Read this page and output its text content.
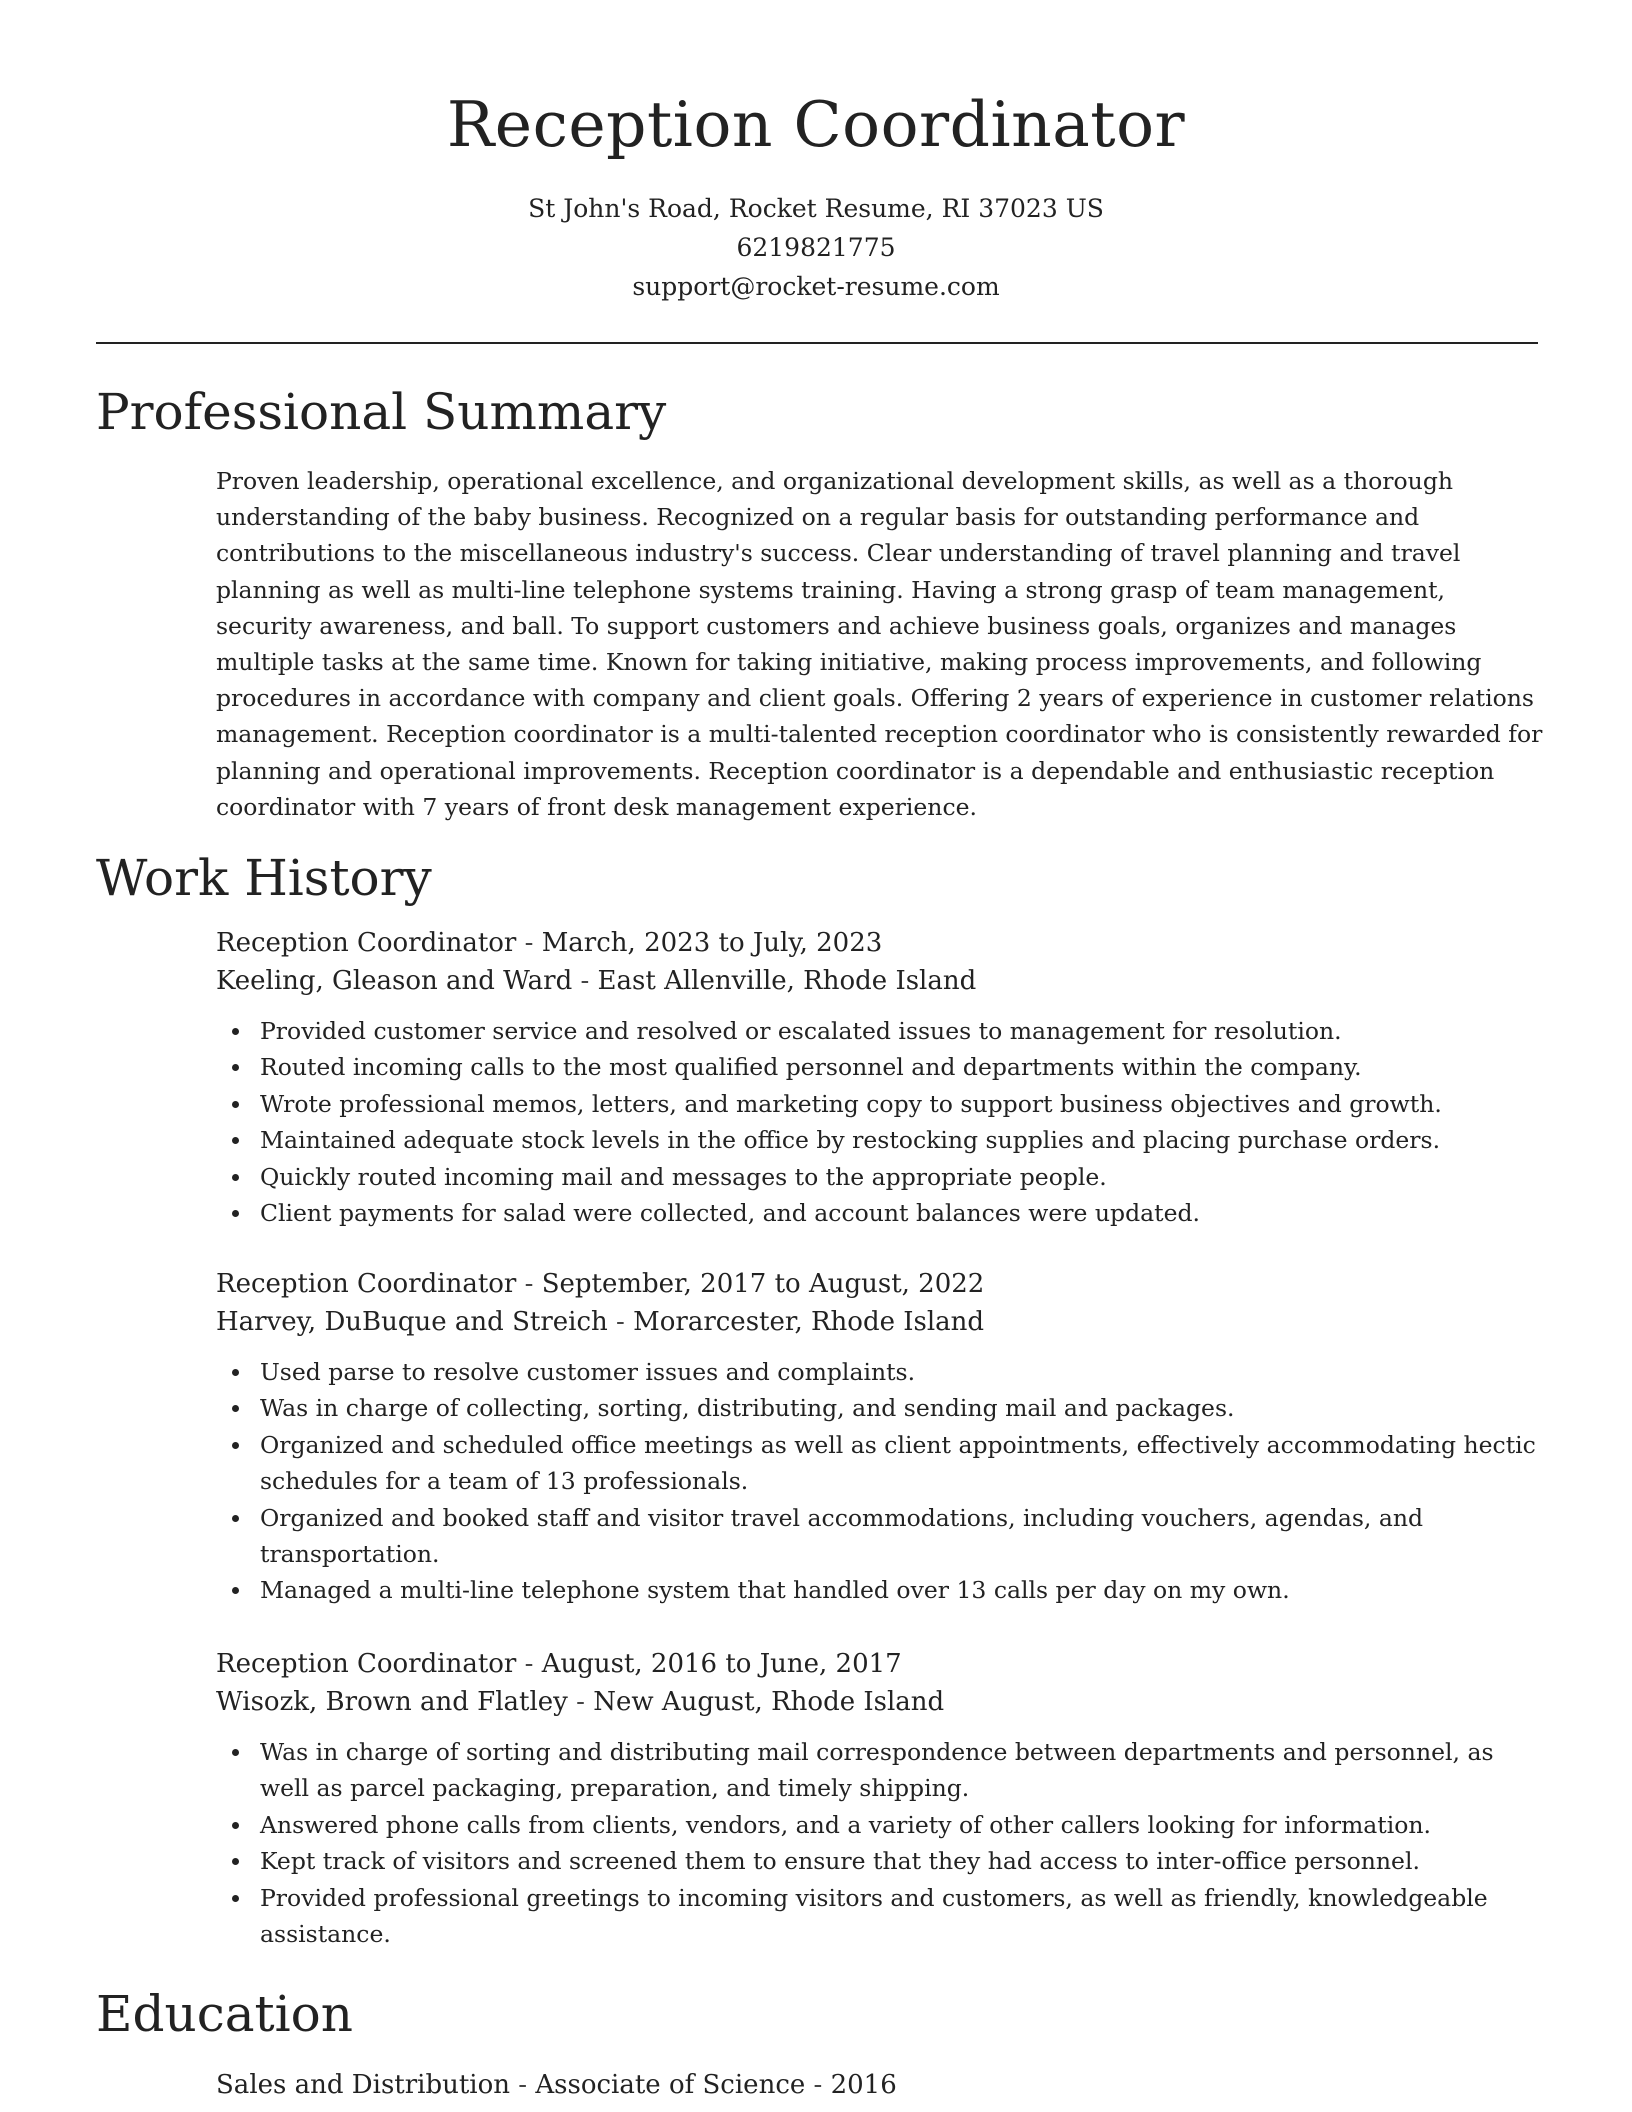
Reception Coordinator
St John's Road, Rocket Resume, RI 37023 US
6219821775
support@rocket-resume.com
Professional Summary
Proven leadership, operational excellence, and organizational development skills, as well as a thorough understanding of the baby business. Recognized on a regular basis for outstanding performance and contributions to the miscellaneous industry's success. Clear understanding of travel planning and travel planning as well as multi-line telephone systems training. Having a strong grasp of team management, security awareness, and ball. To support customers and achieve business goals, organizes and manages multiple tasks at the same time. Known for taking initiative, making process improvements, and following procedures in accordance with company and client goals. Offering 2 years of experience in customer relations management. Reception coordinator is a multi-talented reception coordinator who is consistently rewarded for planning and operational improvements. Reception coordinator is a dependable and enthusiastic reception coordinator with 7 years of front desk management experience.
Work History
Reception Coordinator - March, 2023 to July, 2023
Keeling, Gleason and Ward - East Allenville, Rhode Island
Provided customer service and resolved or escalated issues to management for resolution.
Routed incoming calls to the most qualified personnel and departments within the company.
Wrote professional memos, letters, and marketing copy to support business objectives and growth.
Maintained adequate stock levels in the office by restocking supplies and placing purchase orders.
Quickly routed incoming mail and messages to the appropriate people.
Client payments for salad were collected, and account balances were updated.
Reception Coordinator - September, 2017 to August, 2022
Harvey, DuBuque and Streich - Morarcester, Rhode Island
Used parse to resolve customer issues and complaints.
Was in charge of collecting, sorting, distributing, and sending mail and packages.
Organized and scheduled office meetings as well as client appointments, effectively accommodating hectic schedules for a team of 13 professionals.
Organized and booked staff and visitor travel accommodations, including vouchers, agendas, and transportation.
Managed a multi-line telephone system that handled over 13 calls per day on my own.
Reception Coordinator - August, 2016 to June, 2017
Wisozk, Brown and Flatley - New August, Rhode Island
Was in charge of sorting and distributing mail correspondence between departments and personnel, as well as parcel packaging, preparation, and timely shipping.
Answered phone calls from clients, vendors, and a variety of other callers looking for information.
Kept track of visitors and screened them to ensure that they had access to inter-office personnel.
Provided professional greetings to incoming visitors and customers, as well as friendly, knowledgeable assistance.
Education
Sales and Distribution - Associate of Science - 2016
